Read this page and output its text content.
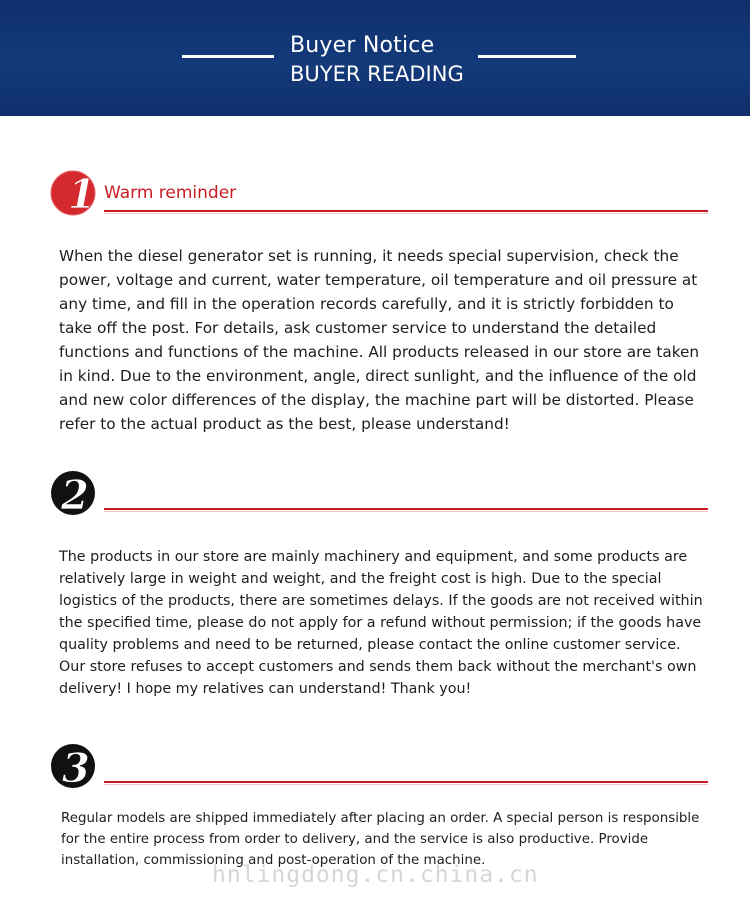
Buyer Notice
BUYER READING
1 Warm reminder
When the diesel generator set is running, it needs special supervision, check the power, voltage and current, water temperature, oil temperature and oil pressure at any time, and fill in the operation records carefully, and it is strictly forbidden to take off the post. For details, ask customer service to understand the detailed functions and functions of the machine. All products released in our store are taken in kind. Due to the environment, angle, direct sunlight, and the influence of the old and new color differences of the display, the machine part will be distorted. Please refer to the actual product as the best, please understand!
2
The products in our store are mainly machinery and equipment, and some products are relatively large in weight and weight, and the freight cost is high. Due to the special logistics of the products, there are sometimes delays. If the goods are not received within the specified time, please do not apply for a refund without permission; if the goods have quality problems and need to be returned, please contact the online customer service. Our store refuses to accept customers and sends them back without the merchant's own delivery! I hope my relatives can understand! Thank you!
3
Regular models are shipped immediately after placing an order. A special person is responsible for the entire process from order to delivery, and the service is also productive. Provide installation, commissioning and post-operation of the machine.
hnlingdong.cn.china.cn
